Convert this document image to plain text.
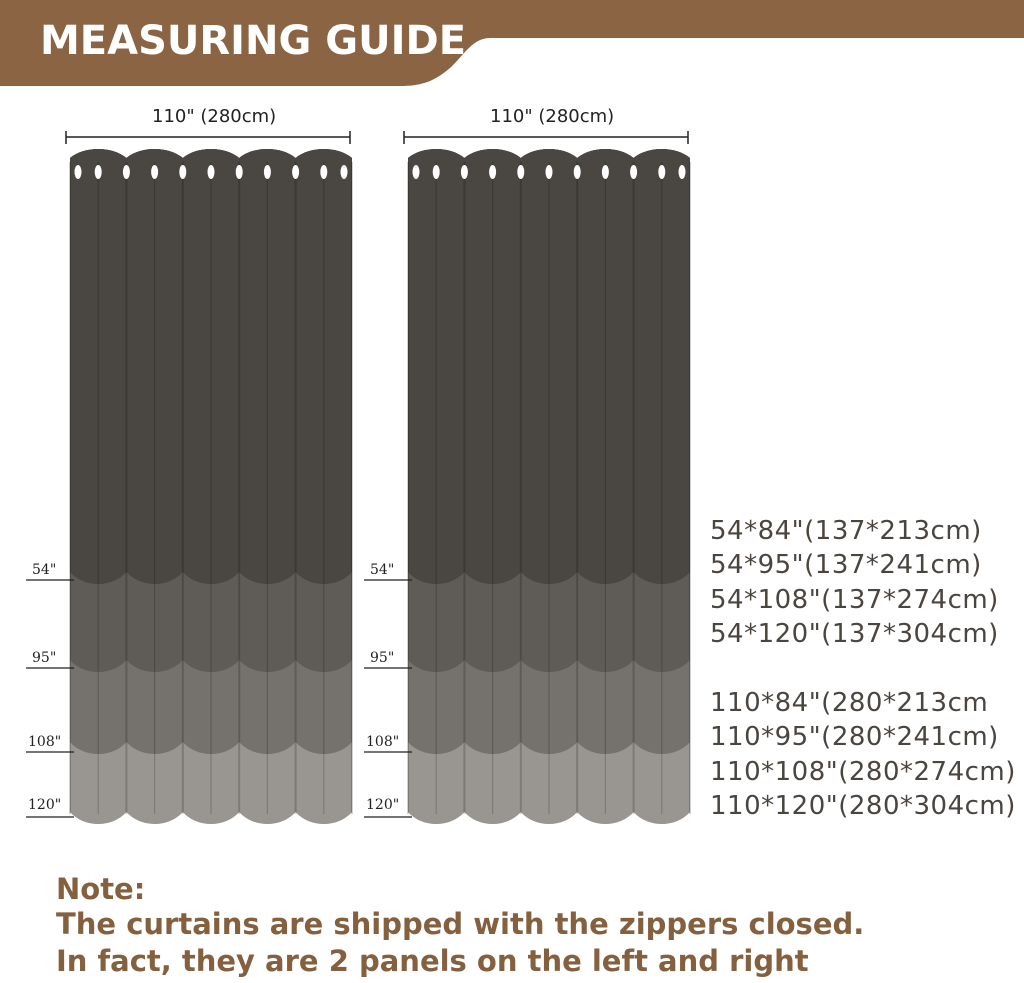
MEASURING GUIDE
110" (280cm)	110" (280cm)
54"
95"
108"
120"
54"
95"
108"
120"
54*84"(137*213cm)
54*95"(137*241cm)
54*108"(137*274cm)
54*120"(137*304cm)
110*84"(280*213cm
110*95"(280*241cm)
110*108"(280*274cm)
110*120"(280*304cm)
Note:
The curtains are shipped with the zippers closed.
In fact, they are 2 panels on the left and right
